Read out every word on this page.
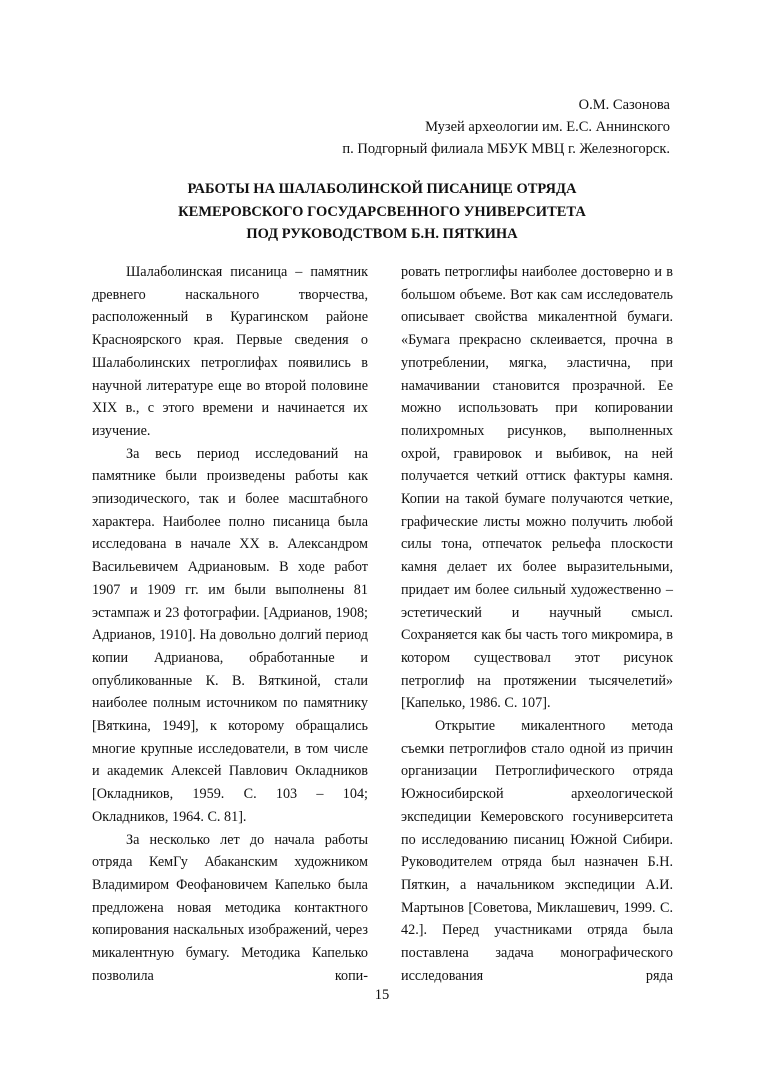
О.М. Сазонова
Музей археологии им. Е.С. Аннинского
п. Подгорный филиала МБУК МВЦ г. Железногорск.
РАБОТЫ НА ШАЛАБОЛИНСКОЙ ПИСАНИЦЕ ОТРЯДА
КЕМЕРОВСКОГО ГОСУДАРСВЕННОГО УНИВЕРСИТЕТА
ПОД РУКОВОДСТВОМ Б.Н. ПЯТКИНА

Шалаболинская писаница – памятник древнего наскального творчества, расположенный в Курагинском районе Красноярского края. Первые сведения о Шалаболинских петроглифах появились в научной литературе еще во второй половине XIX в., с этого времени и начинается их изучение.

За весь период исследований на памятнике были произведены работы как эпизодического, так и более масштабного характера. Наиболее полно писаница была исследована в начале XX в. Александром Васильевичем Адриановым. В ходе работ 1907 и 1909 гг. им были выполнены 81 эстампаж и 23 фотографии. [Адрианов, 1908; Адрианов, 1910]. На довольно долгий период копии Адрианова, обработанные и опубликованные К. В. Вяткиной, стали наиболее полным источником по памятнику [Вяткина, 1949], к которому обращались многие крупные исследователи, в том числе и академик Алексей Павлович Окладников [Окладников, 1959. С. 103 – 104; Окладников, 1964. С. 81].

За несколько лет до начала работы отряда КемГу Абаканским художником Владимиром Феофановичем Капелько была предложена новая методика контактного копирования наскальных изображений, через микалентную бумагу. Методика Капелько позволила копи-

ровать петроглифы наиболее достоверно и в большом объеме. Вот как сам исследователь описывает свойства микалентной бумаги. «Бумага прекрасно склеивается, прочна в употреблении, мягка, эластична, при намачивании становится прозрачной. Ее можно использовать при копировании полихромных рисунков, выполненных охрой, гравировок и выбивок, на ней получается четкий оттиск фактуры камня. Копии на такой бумаге получаются четкие, графические листы можно получить любой силы тона, отпечаток рельефа плоскости камня делает их более выразительными, придает им более сильный художественно – эстетический и научный смысл. Сохраняется как бы часть того микромира, в котором существовал этот рисунок петроглиф на протяжении тысячелетий» [Капелько, 1986. С. 107].

Открытие микалентного метода съемки петроглифов стало одной из причин организации Петроглифического отряда Южносибирской археологической экспедиции Кемеровского госуниверситета по исследованию писаниц Южной Сибири. Руководителем отряда был назначен Б.Н. Пяткин, а начальником экспедиции А.И. Мартынов [Советова, Миклашевич, 1999. С. 42.]. Перед участниками отряда была поставлена задача монографического исследования ряда

15
